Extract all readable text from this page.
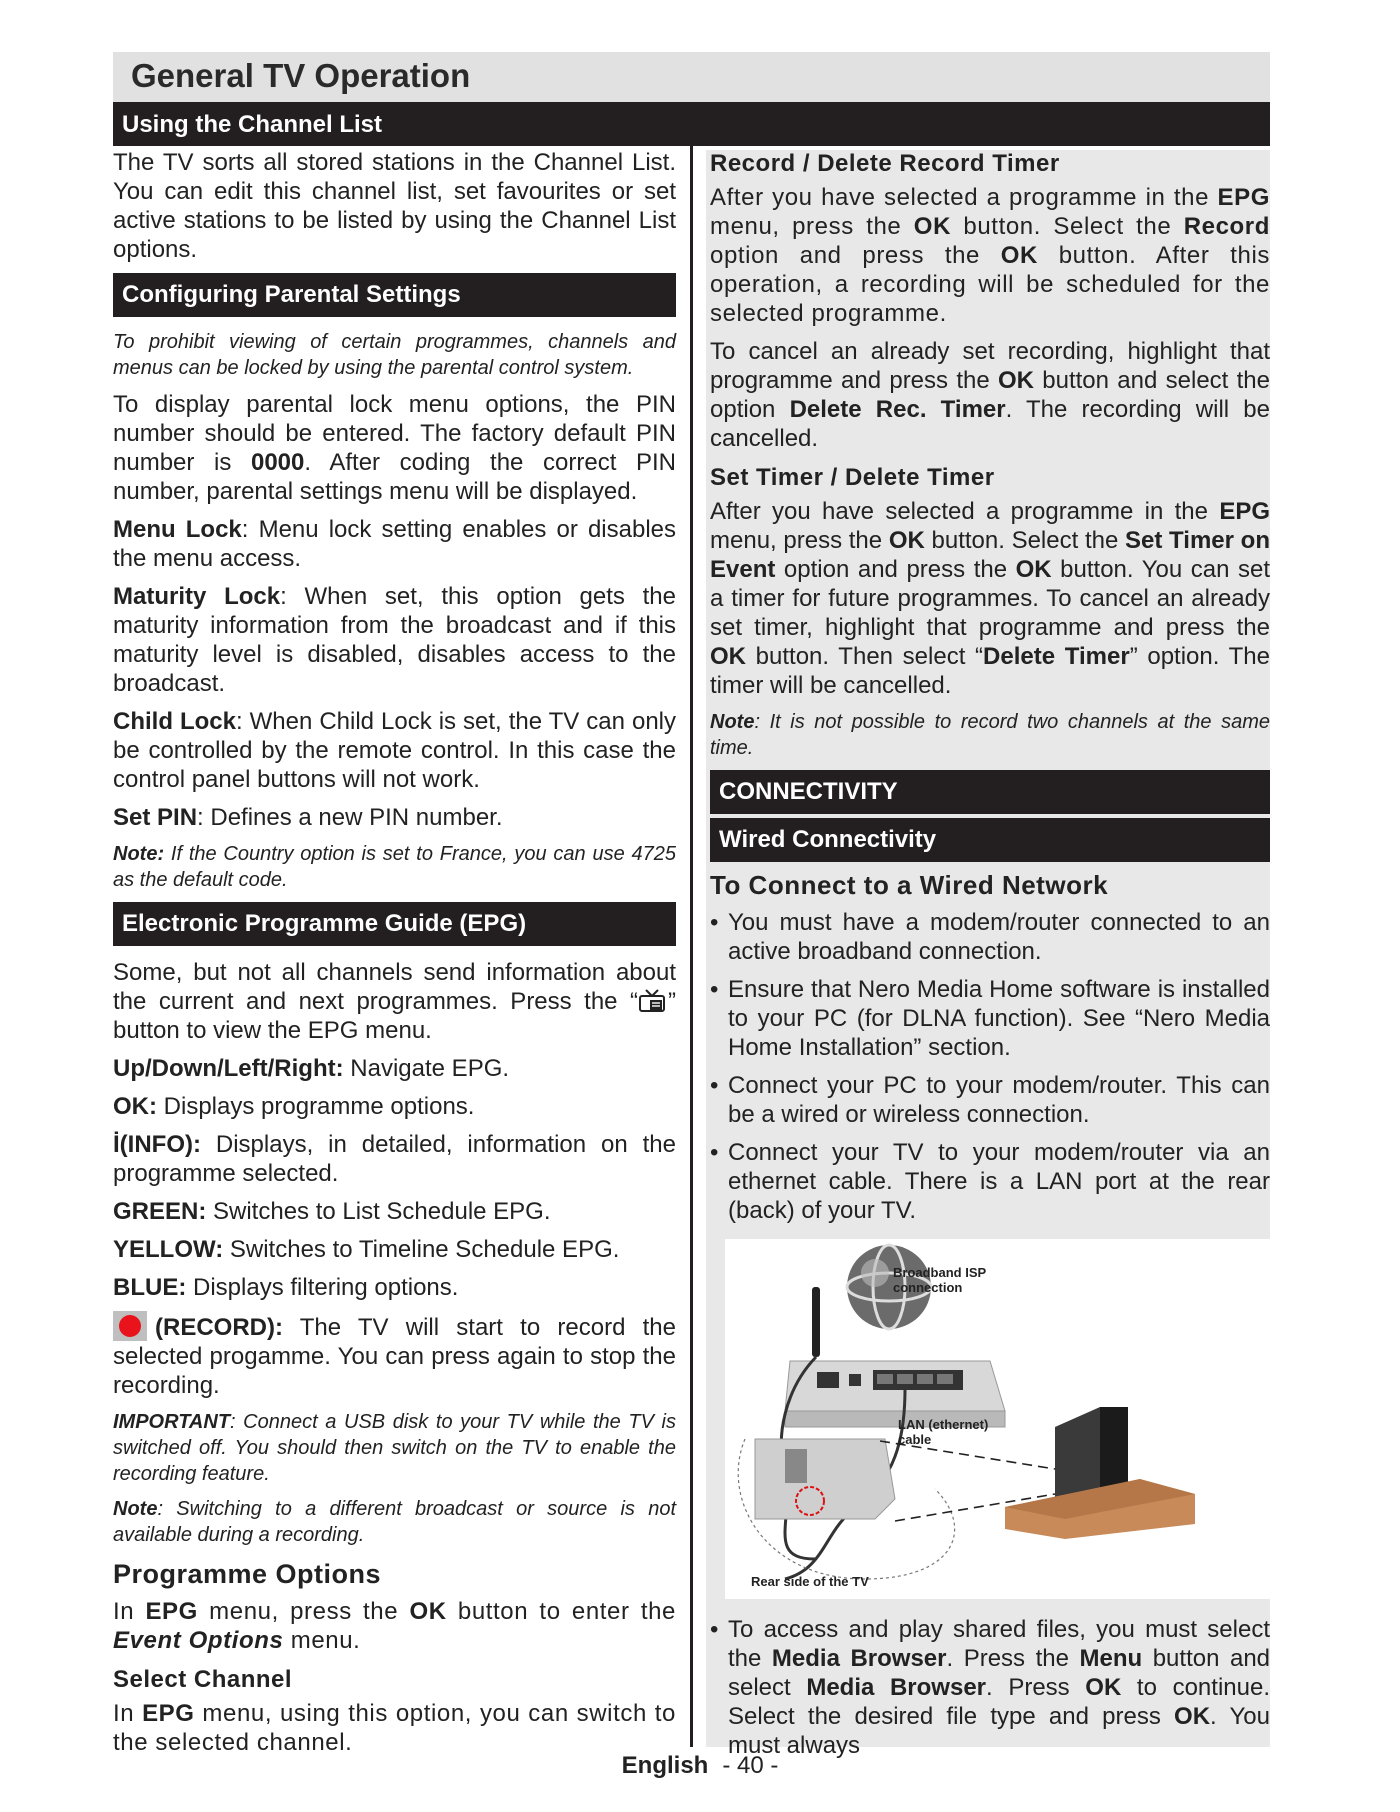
General TV Operation
Using the Channel List

The TV sorts all stored stations in the Channel List. You can edit this channel list, set favourites or set active stations to be listed by using the Channel List options.

Configuring Parental Settings

To prohibit viewing of certain programmes, channels and menus can be locked by using the parental control system.

To display parental lock menu options, the PIN number should be entered. The factory default PIN number is 0000. After coding the correct PIN number, parental settings menu will be displayed.

Menu Lock: Menu lock setting enables or disables the menu access.

Maturity Lock: When set, this option gets the maturity information from the broadcast and if this maturity level is disabled, disables access to the broadcast.

Child Lock: When Child Lock is set, the TV can only be controlled by the remote control. In this case the control panel buttons will not work.

Set PIN: Defines a new PIN number.

Note: If the Country option is set to France, you can use 4725 as the default code.

Electronic Programme Guide (EPG)

Some, but not all channels send information about the current and next programmes. Press the “ ” button to view the EPG menu.

Up/Down/Left/Right: Navigate EPG.

OK: Displays programme options.

İ(INFO): Displays, in detailed, information on the programme selected.

GREEN: Switches to List Schedule EPG.

YELLOW: Switches to Timeline Schedule EPG.

BLUE: Displays filtering options.

(RECORD): The TV will start to record the selected progamme. You can press again to stop the recording.

IMPORTANT: Connect a USB disk to your TV while the TV is switched off. You should then switch on the TV to enable the recording feature.

Note: Switching to a different broadcast or source is not available during a recording.

Programme Options

In EPG menu, press the OK button to enter the Event Options menu.

Select Channel

In EPG menu, using this option, you can switch to the selected channel.

Record / Delete Record Timer

After you have selected a programme in the EPG menu, press the OK button. Select the Record option and press the OK button. After this operation, a recording will be scheduled for the selected programme.

To cancel an already set recording, highlight that programme and press the OK button and select the option Delete Rec. Timer. The recording will be cancelled.

Set Timer / Delete Timer

After you have selected a programme in the EPG menu, press the OK button. Select the Set Timer on Event option and press the OK button. You can set a timer for future programmes. To cancel an already set timer, highlight that programme and press the OK button. Then select “Delete Timer” option. The timer will be cancelled.

Note: It is not possible to record two channels at the same time.

CONNECTIVITY
Wired Connectivity
To Connect to a Wired Network

• You must have a modem/router connected to an active broadband connection.

• Ensure that Nero Media Home software is installed to your PC (for DLNA function). See “Nero Media Home Installation” section.

• Connect your PC to your modem/router. This can be a wired or wireless connection.

• Connect your TV to your modem/router via an ethernet cable. There is a LAN port at the rear (back) of your TV.

Broadband ISP
connection
LAN (ethernet)
cable
Rear side of the TV

• To access and play shared files, you must select the Media Browser. Press the Menu button and select Media Browser. Press OK to continue. Select the desired file type and press OK. You must always

English - 40 -
